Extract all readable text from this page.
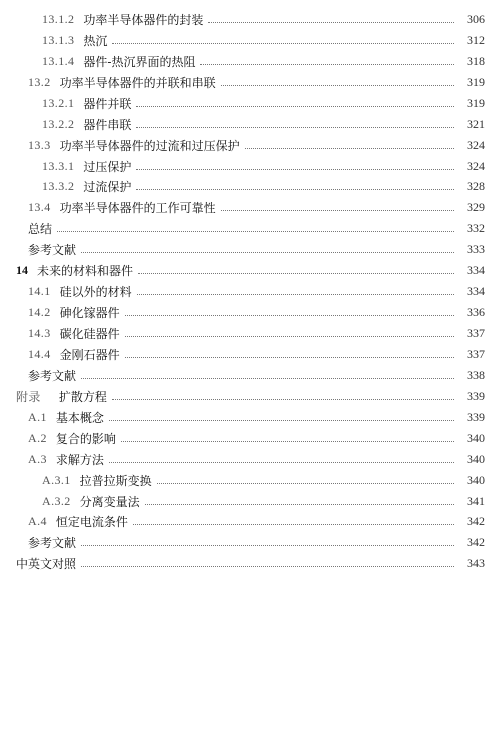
13.1.2 功率半导体器件的封装	306
13.1.3 热沉	312
13.1.4 器件-热沉界面的热阻	318
13.2 功率半导体器件的并联和串联	319
13.2.1 器件并联	319
13.2.2 器件串联	321
13.3 功率半导体器件的过流和过压保护	324
13.3.1 过压保护	324
13.3.2 过流保护	328
13.4 功率半导体器件的工作可靠性	329
总结	332
参考文献	333
14 未来的材料和器件	334
14.1 硅以外的材料	334
14.2 砷化镓器件	336
14.3 碳化硅器件	337
14.4 金刚石器件	337
参考文献	338
附录 扩散方程	339
A.1 基本概念	339
A.2 复合的影响	340
A.3 求解方法	340
A.3.1 拉普拉斯变换	340
A.3.2 分离变量法	341
A.4 恒定电流条件	342
参考文献	342
中英文对照	343
